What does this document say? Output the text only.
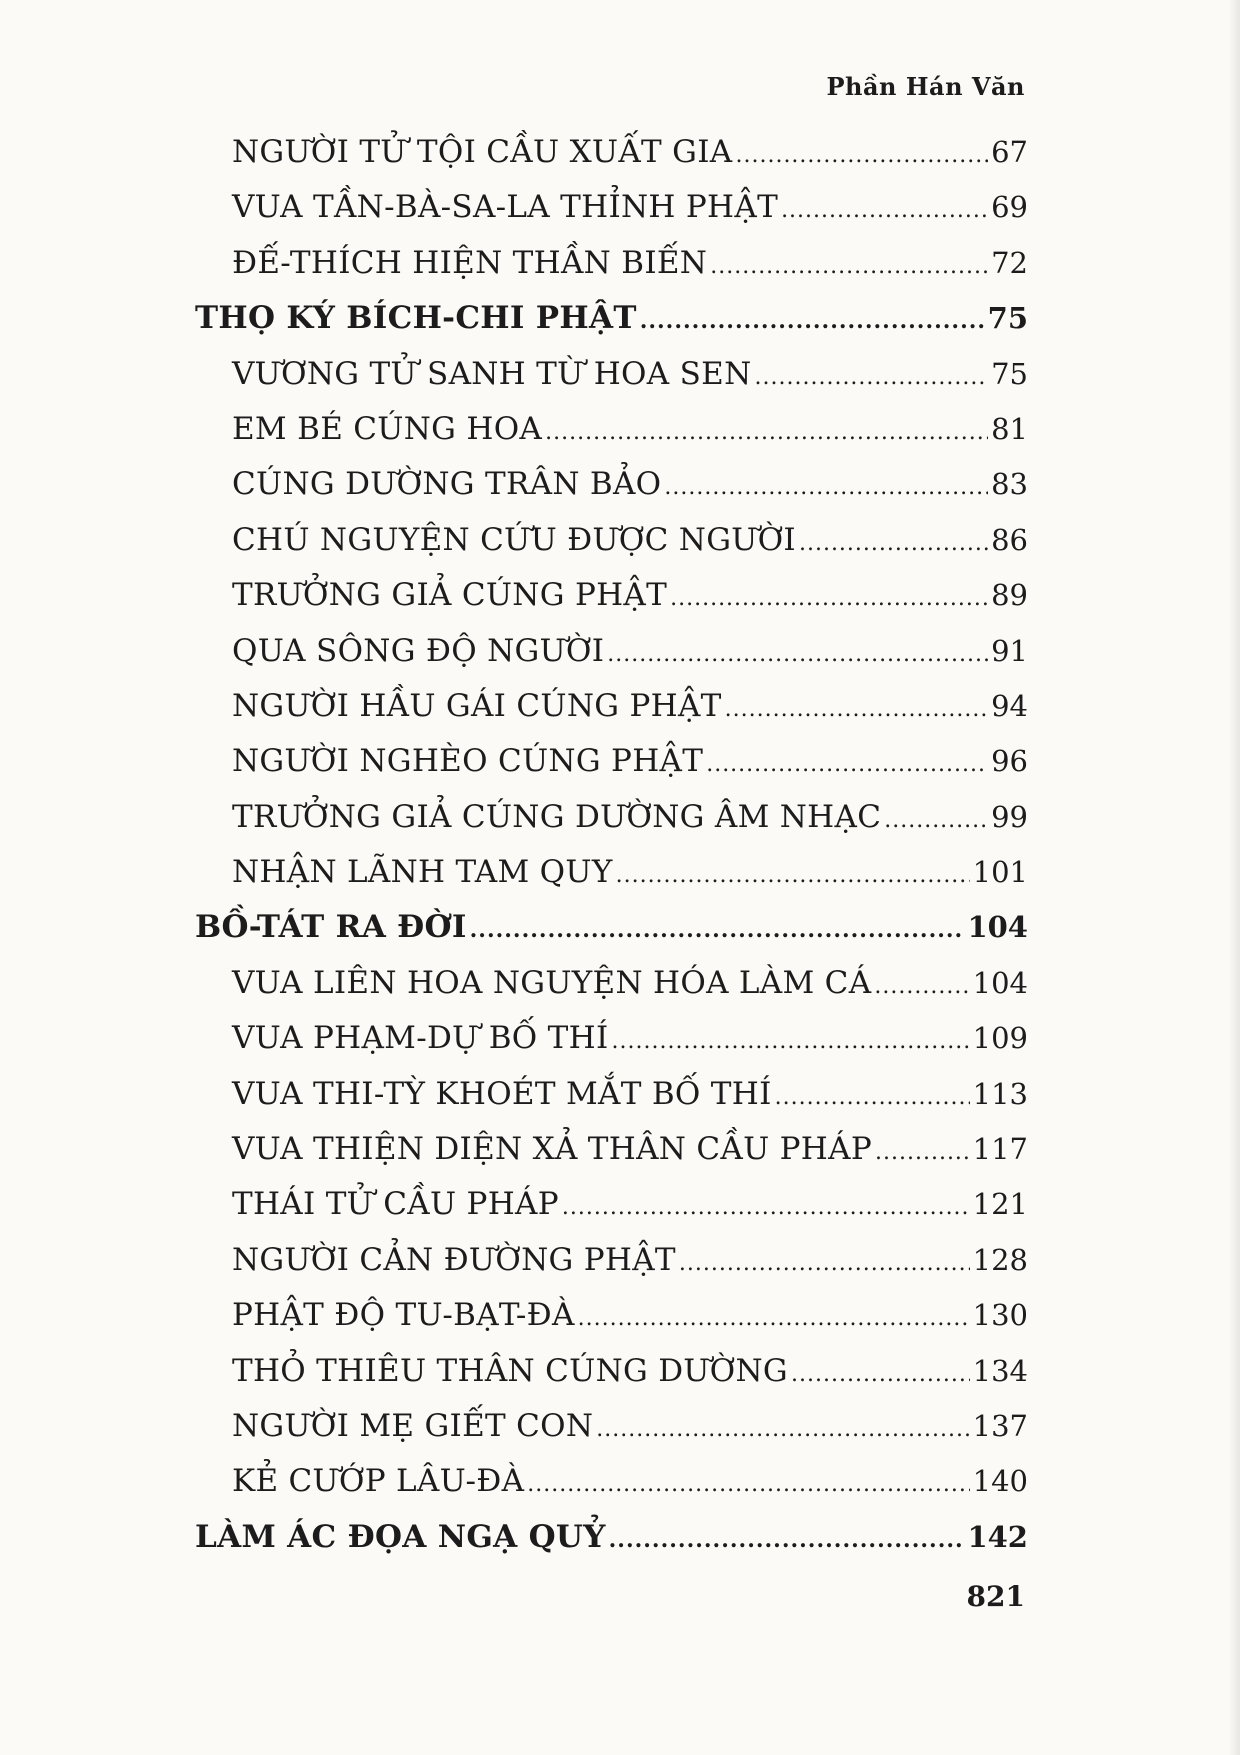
Phần Hán Văn
NGƯỜI TỬ TỘI CẦU XUẤT GIA .....	67
VUA TẦN-BÀ-SA-LA THỈNH PHẬT .....	69
ĐẾ-THÍCH HIỆN THẦN BIẾN .....	72
THỌ KÝ BÍCH-CHI PHẬT .....	75
VƯƠNG TỬ SANH TỪ HOA SEN .....	75
EM BÉ CÚNG HOA .....	81
CÚNG DƯỜNG TRÂN BẢO .....	83
CHÚ NGUYỆN CỨU ĐƯỢC NGƯỜI .....	86
TRƯỞNG GIẢ CÚNG PHẬT .....	89
QUA SÔNG ĐỘ NGƯỜI .....	91
NGƯỜI HẦU GÁI CÚNG PHẬT .....	94
NGƯỜI NGHÈO CÚNG PHẬT .....	96
TRƯỞNG GIẢ CÚNG DƯỜNG ÂM NHẠC .....	99
NHẬN LÃNH TAM QUY .....	101
BỒ-TÁT RA ĐỜI .....	104
VUA LIÊN HOA NGUYỆN HÓA LÀM CÁ .....	104
VUA PHẠM-DỰ BỐ THÍ .....	109
VUA THI-TỲ KHOÉT MẮT BỐ THÍ .....	113
VUA THIỆN DIỆN XẢ THÂN CẦU PHÁP .....	117
THÁI TỬ CẦU PHÁP .....	121
NGƯỜI CẢN ĐƯỜNG PHẬT .....	128
PHẬT ĐỘ TU-BẠT-ĐÀ .....	130
THỎ THIÊU THÂN CÚNG DƯỜNG .....	134
NGƯỜI MẸ GIẾT CON .....	137
KẺ CƯỚP LÂU-ĐÀ .....	140
LÀM ÁC ĐỌA NGẠ QUỶ .....	142
821
